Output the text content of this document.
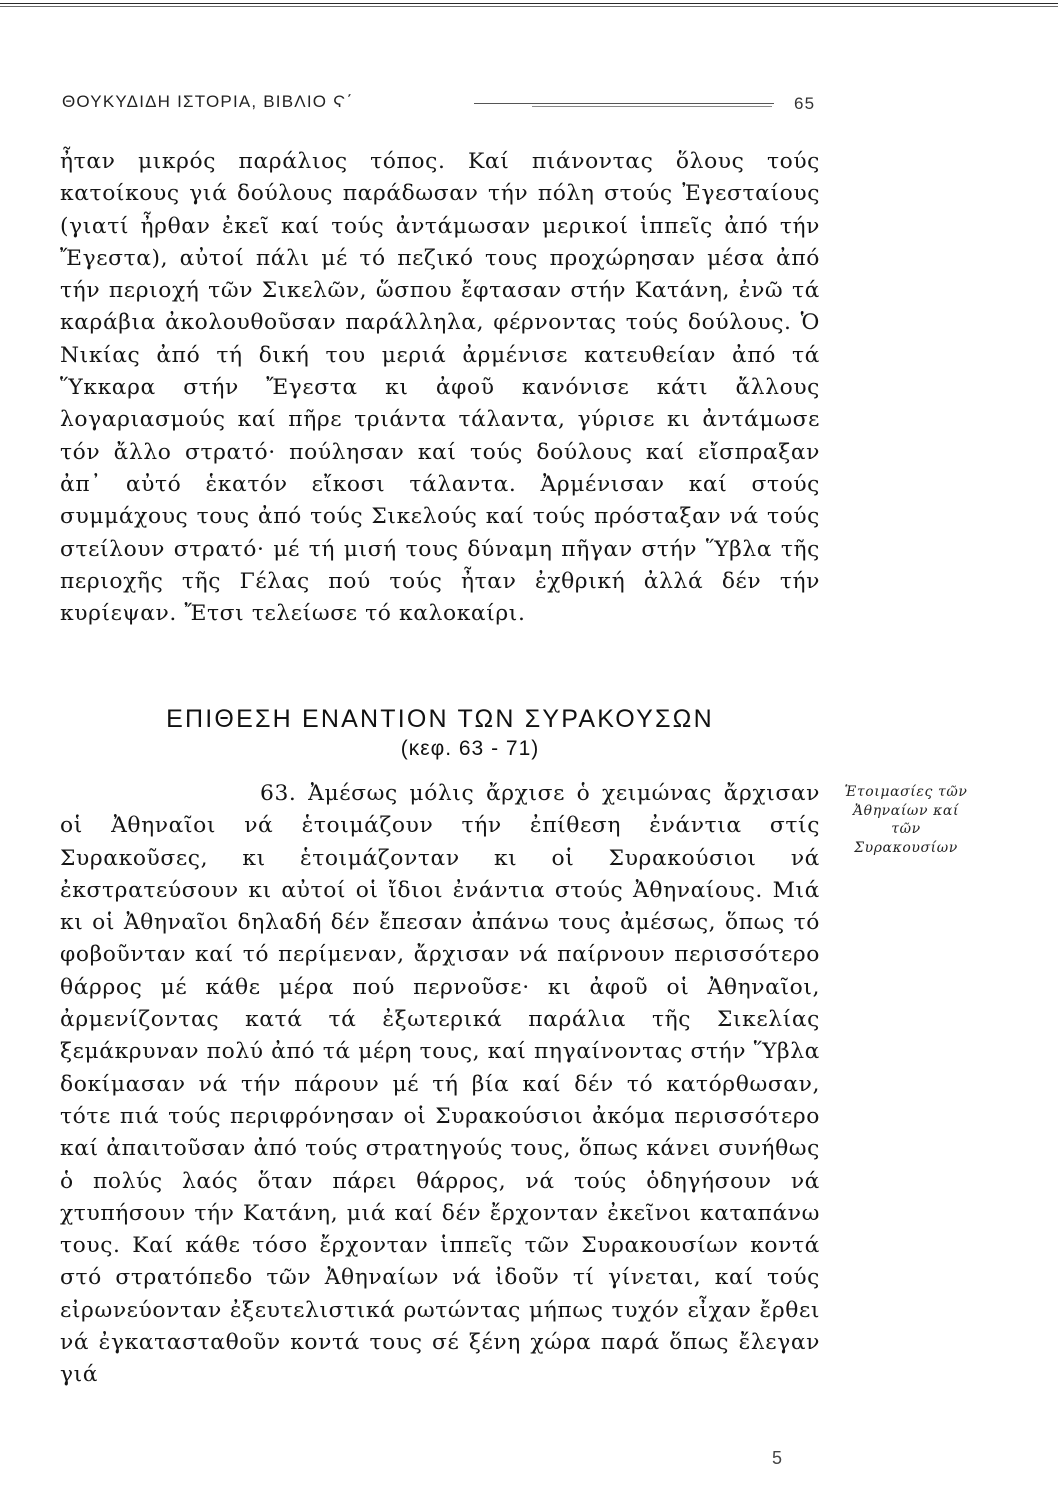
ΘΟΥΚΥΔΙΔΗ ΙΣΤΟΡΙΑ, ΒΙΒΛΙΟ Ϛ΄	65

ἦταν μικρός παράλιος τόπος. Καί πιάνοντας ὅλους τούς κατοίκους γιά δούλους παράδωσαν τήν πόλη στούς Ἐγεσταίους (γιατί ἦρθαν ἐκεῖ καί τούς ἀντάμωσαν μερικοί ἱππεῖς ἀπό τήν Ἔγεστα), αὐτοί πάλι μέ τό πεζικό τους προχώρησαν μέσα ἀπό τήν περιοχή τῶν Σικελῶν, ὥσπου ἔφτασαν στήν Κατάνη, ἐνῶ τά καράβια ἀκολουθοῦσαν παράλληλα, φέρνοντας τούς δούλους. Ὁ Νικίας ἀπό τή δική του μεριά ἀρμένισε κατευθείαν ἀπό τά Ὕκκαρα στήν Ἔγεστα κι ἀφοῦ κανόνισε κάτι ἄλλους λογαριασμούς καί πῆρε τριάντα τάλαντα, γύρισε κι ἀντάμωσε τόν ἄλλο στρατό· πούλησαν καί τούς δούλους καί εἴσπραξαν ἀπ᾽ αὐτό ἑκατόν εἴκοσι τάλαντα. Ἀρμένισαν καί στούς συμμάχους τους ἀπό τούς Σικελούς καί τούς πρόσταξαν νά τούς στείλουν στρατό· μέ τή μισή τους δύναμη πῆγαν στήν Ὕβλα τῆς περιοχῆς τῆς Γέλας πού τούς ἦταν ἐχθρική ἀλλά δέν τήν κυρίεψαν. Ἔτσι τελείωσε τό καλοκαίρι.

ΕΠΙΘΕΣΗ ΕΝΑΝΤΙΟΝ ΤΩΝ ΣΥΡΑΚΟΥΣΩΝ
(κεφ. 63 - 71)

63. Ἀμέσως μόλις ἄρχισε ὁ χειμώνας ἄρχισαν οἱ Ἀθηναῖοι νά ἑτοιμάζουν τήν ἐπίθεση ἐνάντια στίς Συρακοῦσες, κι ἑτοιμάζονταν κι οἱ Συρακούσιοι νά ἐκστρατεύσουν κι αὐτοί οἱ ἴδιοι ἐνάντια στούς Ἀθηναίους. Μιά κι οἱ Ἀθηναῖοι δηλαδή δέν ἔπεσαν ἀπάνω τους ἀμέσως, ὅπως τό φοβοῦνταν καί τό περίμεναν, ἄρχισαν νά παίρνουν περισσότερο θάρρος μέ κάθε μέρα πού περνοῦσε· κι ἀφοῦ οἱ Ἀθηναῖοι, ἀρμενίζοντας κατά τά ἐξωτερικά παράλια τῆς Σικελίας ξεμάκρυναν πολύ ἀπό τά μέρη τους, καί πηγαίνοντας στήν Ὕβλα δοκίμασαν νά τήν πάρουν μέ τή βία καί δέν τό κατόρθωσαν, τότε πιά τούς περιφρόνησαν οἱ Συρακούσιοι ἀκόμα περισσότερο καί ἀπαιτοῦσαν ἀπό τούς στρατηγούς τους, ὅπως κάνει συνήθως ὁ πολύς λαός ὅταν πάρει θάρρος, νά τούς ὁδηγήσουν νά χτυπήσουν τήν Κατάνη, μιά καί δέν ἔρχονταν ἐκεῖνοι καταπάνω τους. Καί κάθε τόσο ἔρχονταν ἱππεῖς τῶν Συρακουσίων κοντά στό στρατόπεδο τῶν Ἀθηναίων νά ἰδοῦν τί γίνεται, καί τούς εἰρωνεύονταν ἐξευτελιστικά ρωτώντας μήπως τυχόν εἶχαν ἔρθει νά ἐγκατασταθοῦν κοντά τους σέ ξένη χώρα παρά ὅπως ἔλεγαν γιά

Ἑτοιμασίες τῶν Ἀθηναίων καί τῶν Συρακουσίων
5
